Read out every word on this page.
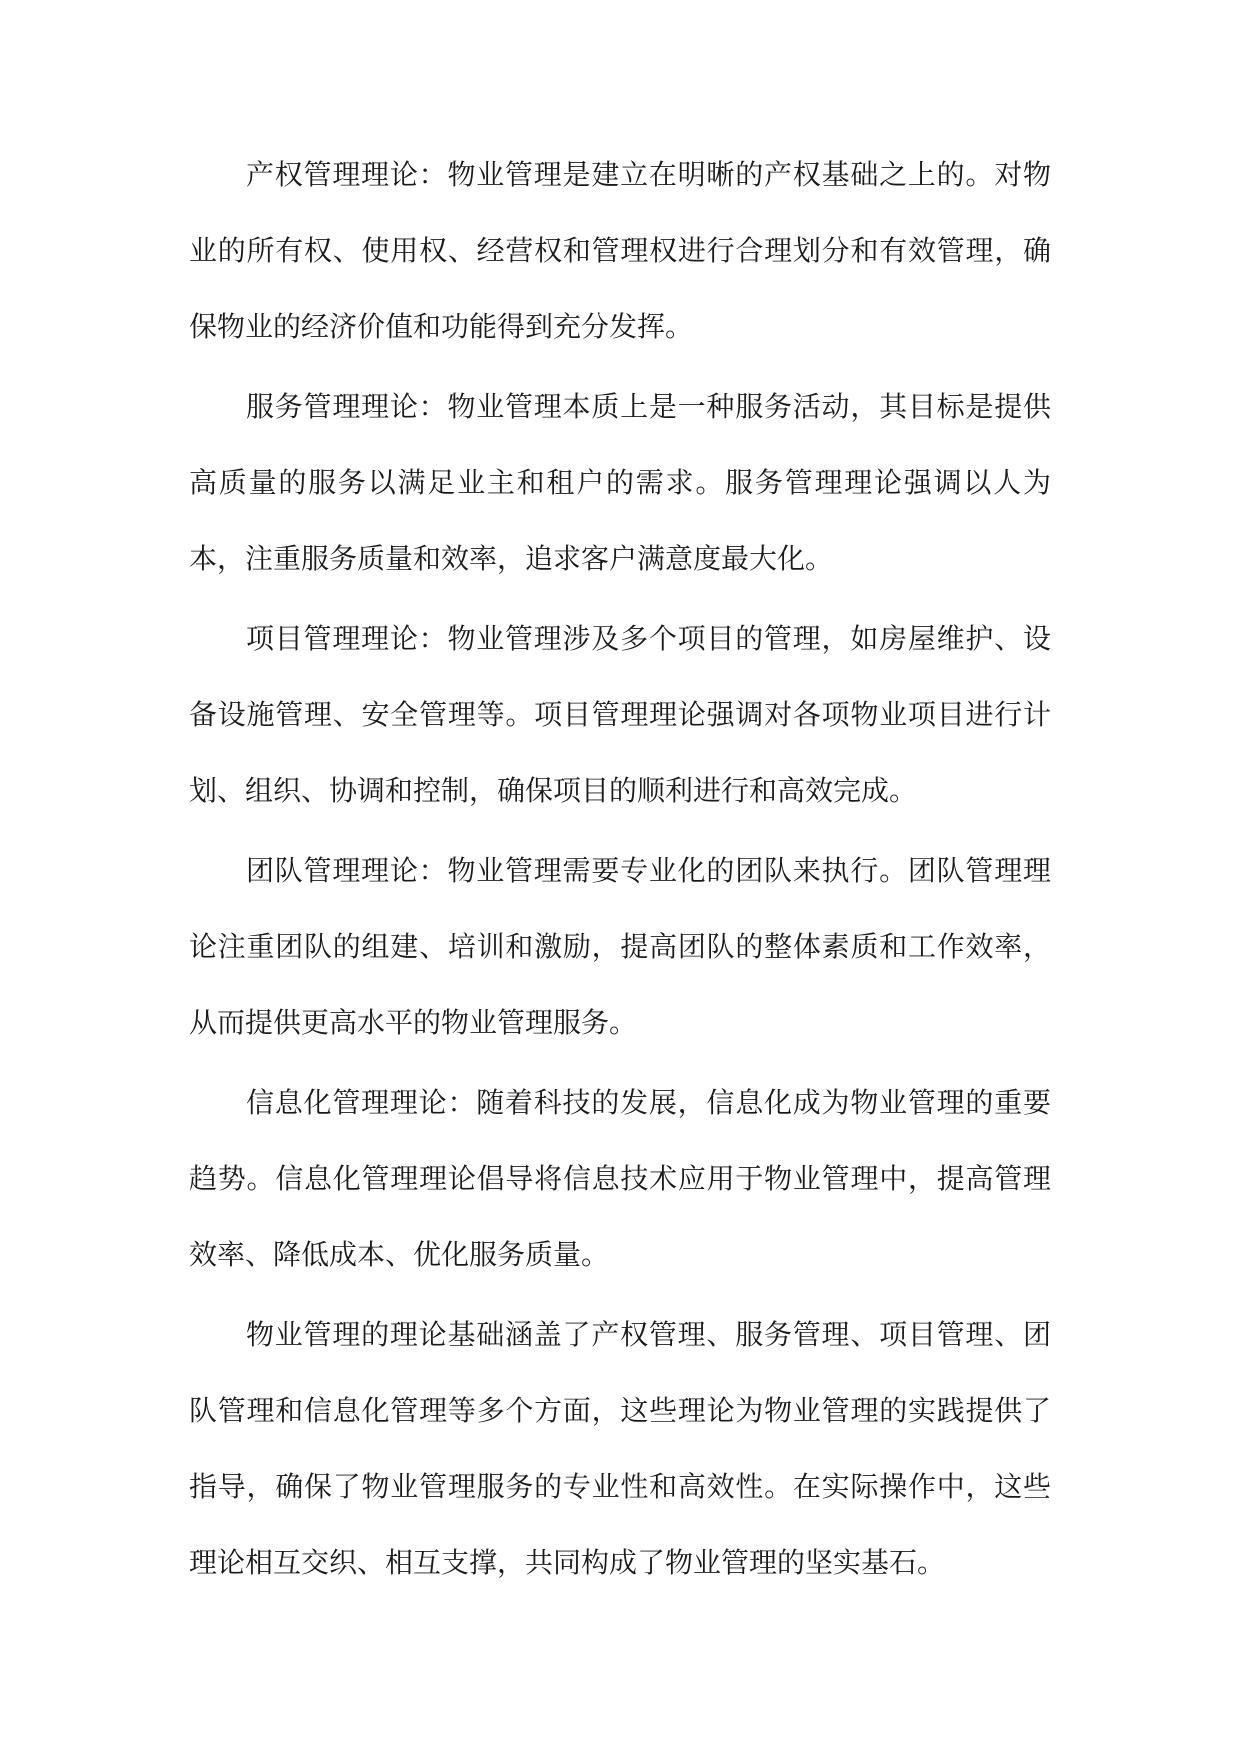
产权管理理论：物业管理是建立在明晰的产权基础之上的。对物业的所有权、使用权、经营权和管理权进行合理划分和有效管理，确保物业的经济价值和功能得到充分发挥。

服务管理理论：物业管理本质上是一种服务活动，其目标是提供高质量的服务以满足业主和租户的需求。服务管理理论强调以人为本，注重服务质量和效率，追求客户满意度最大化。

项目管理理论：物业管理涉及多个项目的管理，如房屋维护、设备设施管理、安全管理等。项目管理理论强调对各项物业项目进行计划、组织、协调和控制，确保项目的顺利进行和高效完成。

团队管理理论：物业管理需要专业化的团队来执行。团队管理理论注重团队的组建、培训和激励，提高团队的整体素质和工作效率，从而提供更高水平的物业管理服务。

信息化管理理论：随着科技的发展，信息化成为物业管理的重要趋势。信息化管理理论倡导将信息技术应用于物业管理中，提高管理效率、降低成本、优化服务质量。

物业管理的理论基础涵盖了产权管理、服务管理、项目管理、团队管理和信息化管理等多个方面，这些理论为物业管理的实践提供了指导，确保了物业管理服务的专业性和高效性。在实际操作中，这些理论相互交织、相互支撑，共同构成了物业管理的坚实基石。
